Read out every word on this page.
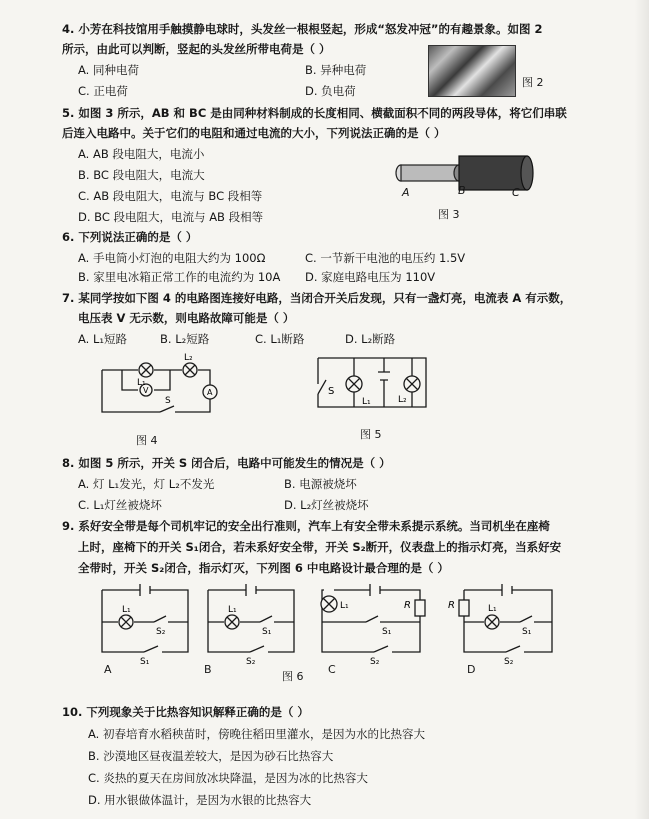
4. 小芳在科技馆用手触摸静电球时，头发丝一根根竖起，形成“怒发冲冠”的有趣景象。如图 2
所示，由此可以判断，竖起的头发丝所带电荷是（ ）
A. 同种电荷	B. 异种电荷
C. 正电荷	D. 负电荷
图 2
5. 如图 3 所示，AB 和 BC 是由同种材料制成的长度相同、横截面积不同的两段导体，将它们串联
后连入电路中。关于它们的电阻和通过电流的大小，下列说法正确的是（ ）
A. AB 段电阻大，电流小
B. BC 段电阻大，电流大
C. AB 段电阻大，电流与 BC 段相等
D. BC 段电阻大，电流与 AB 段相等
A	B	C
图 3
6. 下列说法正确的是（ ）
A. 手电筒小灯泡的电阻大约为 100Ω	C. 一节新干电池的电压约 1.5V
B. 家里电冰箱正常工作的电流约为 10A D. 家庭电路电压为 110V
7. 某同学按如下图 4 的电路图连接好电路，当闭合开关后发现，只有一盏灯亮，电流表 A 有示数，
电压表 V 无示数，则电路故障可能是（ ）
A. L₁短路	B. L₂短路	C. L₁断路	D. L₂断路
L₁
L₂
V	A
S
图 4
S
L₁	L₂
图 5
8. 如图 5 所示，开关 S 闭合后，电路中可能发生的情况是（ ）
A. 灯 L₁发光，灯 L₂不发光	B. 电源被烧坏
C. L₁灯丝被烧坏	D. L₂灯丝被烧坏
9. 系好安全带是每个司机牢记的安全出行准则，汽车上有安全带未系提示系统。当司机坐在座椅
上时，座椅下的开关 S₁闭合，若未系好安全带，开关 S₂断开，仪表盘上的指示灯亮，当系好安
全带时，开关 S₂闭合，指示灯灭，下列图 6 中电路设计最合理的是（ ）
L₁
S₂
S₁
A
L₁
S₁
S₂
B
图 6
L₁	R
S₁
S₂
C
R	L₁
S₁
S₂
D
10. 下列现象关于比热容知识解释正确的是（ ）
A. 初春培育水稻秧苗时，傍晚往稻田里灌水，是因为水的比热容大
B. 沙漠地区昼夜温差较大，是因为砂石比热容大
C. 炎热的夏天在房间放冰块降温，是因为冰的比热容大
D. 用水银做体温计，是因为水银的比热容大
